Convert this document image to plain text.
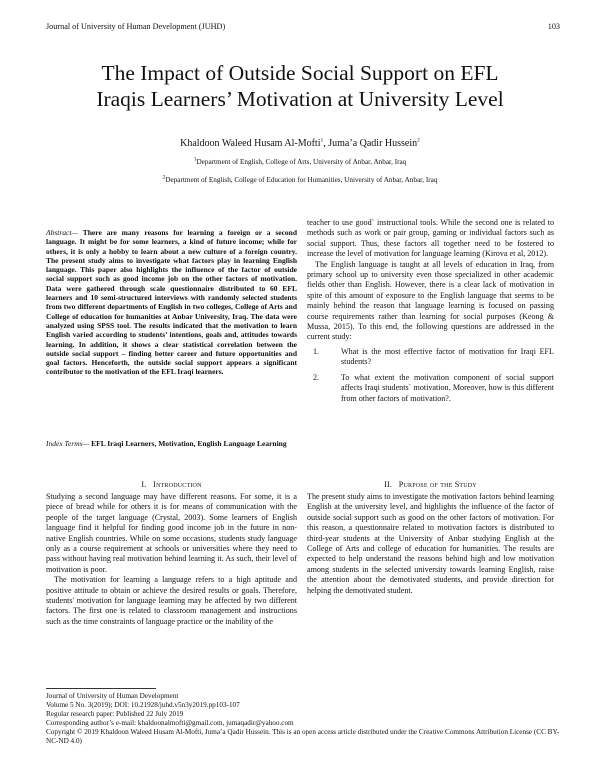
Journal of University of Human Development (JUHD)	103
The Impact of Outside Social Support on EFL
Iraqis Learners’ Motivation at University Level
Khaldoon Waleed Husam Al-Mofti$^1$, Juma’a Qadir Hussein$^2$
$^1$Department of English, College of Arts, University of Anbar, Anbar, Iraq
$^2$Department of English, College of Education for Humanities, University of Anbar, Anbar, Iraq
Abstract— There are many reasons for learning a foreign or a second language. It might be for some learners, a kind of future income; while for others, it is only a hobby to learn about a new culture of a foreign country. The present study aims to investigate what factors play in learning English language. This paper also highlights the influence of the factor of outside social support such as good income job on the other factors of motivation. Data were gathered through scale questionnaire distributed to 60 EFL learners and 10 semi-structured interviews with randomly selected students from two different departments of English in two colleges, College of Arts and College of education for humanities at Anbar University, Iraq. The data were analyzed using SPSS tool. The results indicated that the motivation to learn English varied according to students’ intentions, goals and, attitudes towards learning. In addition, it shows a clear statistical correlation between the outside social support – finding better career and future opportunities and goal factors. Henceforth, the outside social support appears a significant contributor to the motivation of the EFL Iraqi learners.
Index Terms— EFL Iraqi Learners, Motivation, English Language Learning
I. Introduction

Studying a second language may have different reasons. For some, it is a piece of bread while for others it is for means of communication with the people of the target language (Crystal, 2003). Some learners of English language find it helpful for finding good income job in the future in non-native English countries. While on some occasions, students study language only as a course requirement at schools or universities where they need to pass without having real motivation behind learning it. As such, their level of motivation is poor.

The motivation for learning a language refers to a high aptitude and positive attitude to obtain or achieve the desired results or goals. Therefore, students' motivation for language learning may be affected by two different factors. The first one is related to classroom management and instructions such as the time constraints of language practice or the inability of the

teacher to use good` instructional tools. While the second one is related to methods such as work or pair group, gaming or individual factors such as social support. Thus, these factors all together need to be fostered to increase the level of motivation for language learning (Kirova et al, 2012).

The English language is taught at all levels of education in Iraq, from primary school up to university even those specialized in other academic fields other than English. However, there is a clear lack of motivation in spite of this amount of exposure to the English language that seems to be mainly behind the reason that language learning is focused on passing course requirements rather than learning for social purposes (Keong & Mussa, 2015). To this end, the following questions are addressed in the current study:

1.	What is the most effective factor of motivation for Iraqi EFL students?
2.	To what extent the motivation component of social support affects Iraqi students` motivation. Moreover, how is this different from other factors of motivation?.
II. Purpose of the Study

The present study aims to investigate the motivation factors behind learning English at the university level, and highlights the influence of the factor of outside social support such as good on the other factors of motivation. For this reason, a questionnaire related to motivation factors is distributed to third-year students at the University of Anbar studying English at the College of Arts and college of education for humanities. The results are expected to help understand the reasons behind high and low motivation among students in the selected university towards learning English, raise the attention about the demotivated students, and provide direction for helping the demotivated student.

Journal of University of Human Development
Volume 5 No. 3(2019); DOI: 10.21928/juhd.v5n3y2019.pp103-107
Regular research paper: Published 22 July 2019
Corresponding author’s e-mail: khaldoonalmofti@gmail.com, jumaqadir@yahoo.com
Copyright © 2019 Khaldoon Waleed Husam Al-Mofti, Juma’a Qadir Hussein. This is an open access article distributed under the Creative Commons Attribution License (CC BY-NC-ND 4.0)
